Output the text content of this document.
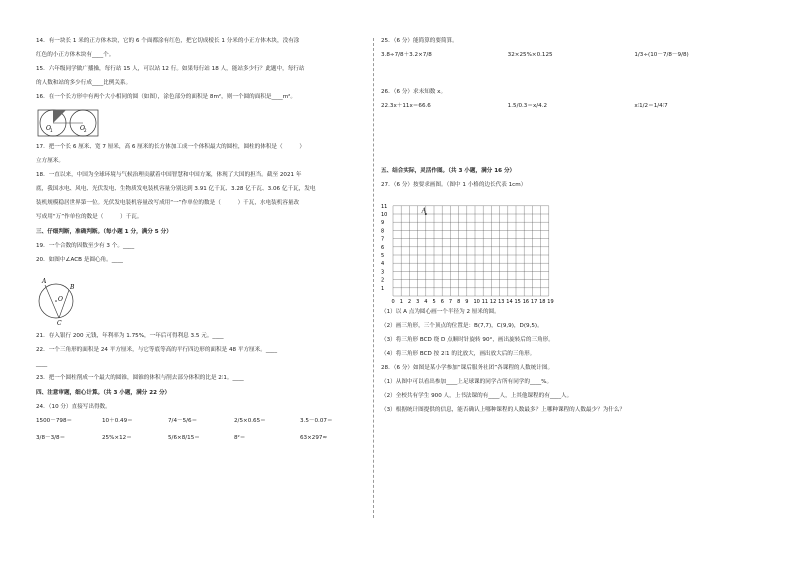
14．有一块长 1 米的正方体木块，它的 6 个面都涂有红色，把它切成棱长 1 分米的小正方体木块，没有涂

红色的小正方体木块有____个。

15．六年级同学做广播操，每行站 15 人，可以站 12 行。如果每行站 18 人，能站多少行？此题中，每行站

的人数和站的多少行成____比例关系。

16．在一个长方形中有两个大小相同的圆（如图），涂色部分的面积是 8m²，则一个圆的面积是____m²。

O 1	O 2

17．把一个长 6 厘米、宽 7 厘米，高 6 厘米的长方体加工成一个体积最大的圆柱，圆柱的体积是（　　　）

立方厘米。

18．一直以来，中国为全球环境与气候治理贡献着中国智慧和中国方案，体现了大国的担当。截至 2021 年

底，我国水电、风电、光伏发电、生物质发电装机容量分别达到 3.91 亿千瓦、3.28 亿千瓦、3.06 亿千瓦，发电

装机规模稳居世界第一位。光伏发电装机容量改写成用“一”作单位的数是（　　　）千瓦，水电装机容量改

写成用“万”作单位的数是（　　　）千瓦。

三、仔细判断，准确判断。（每小题 1 分，满分 5 分）

19．一个合数的因数至少有 3 个。____

20．如图中∠ACB 是圆心角。____

A
B
O
C

21．存入银行 200 元钱，年利率为 1.75%，一年后可得利息 3.5 元。____

22．一个三角形的面积是 24 平方厘米，与它等底等高的平行四边形的面积是 48 平方厘米。____

____

23．把一个圆柱削成一个最大的圆锥，圆锥的体积与削去部分体积的比是 2∶1。____

四、注意审题，细心计算。（共 3 小题，满分 22 分）

24．（10 分）直接写出得数。

1500－798＝	10＋0.49＝	7/4－5/6＝	2/5×0.65＝	3.5－0.07＝
3/8－3/8＝	25%×12＝	5/6×8/15＝	8²＝	63×297≈

25．（6 分）能简算的要简算。

3.8÷7/8＋3.2×7/8	32×25%×0.125	1/3÷(10－7/8－9/8)

26．（6 分）求未知数 x。

22.3x＋11x＝66.6	1.5/0.3＝x/4.2	x∶1/2＝1/4∶7

五、结合实际，灵活作图。（共 3 小题，满分 16 分）

27．（6 分）按要求画图。（图中 1 小格的边长代表 1cm）

0 1 2 3 4 5 6 7 8 9 10 11 12 13 14 15 16 17 18 19
1
2
3
4
5
6
7
8
9
10
11
A

（1）以 A 点为圆心画一个半径为 2 厘米的圆。

（2）画三角形，三个顶点的位置是：B(7,7)，C(9,9)，D(9,5)。

（3）将三角形 BCD 绕 D 点顺时针旋转 90°，画出旋转后的三角形。

（4）将三角形 BCD 按 2∶1 的比放大，画出放大后的三角形。

28．（6 分）如图是某小学参加“课后服务社团”各课程的人数统计图。

（1）从图中可以看出参加____上足球课的同学占所有同学的____%。

（2）全校共有学生 900 人，上书法课的有____人，上其他课程的有____人。

（3）根据统计图提供的信息，能否确认上哪种课程的人数最多？上哪种课程的人数最少？为什么？
